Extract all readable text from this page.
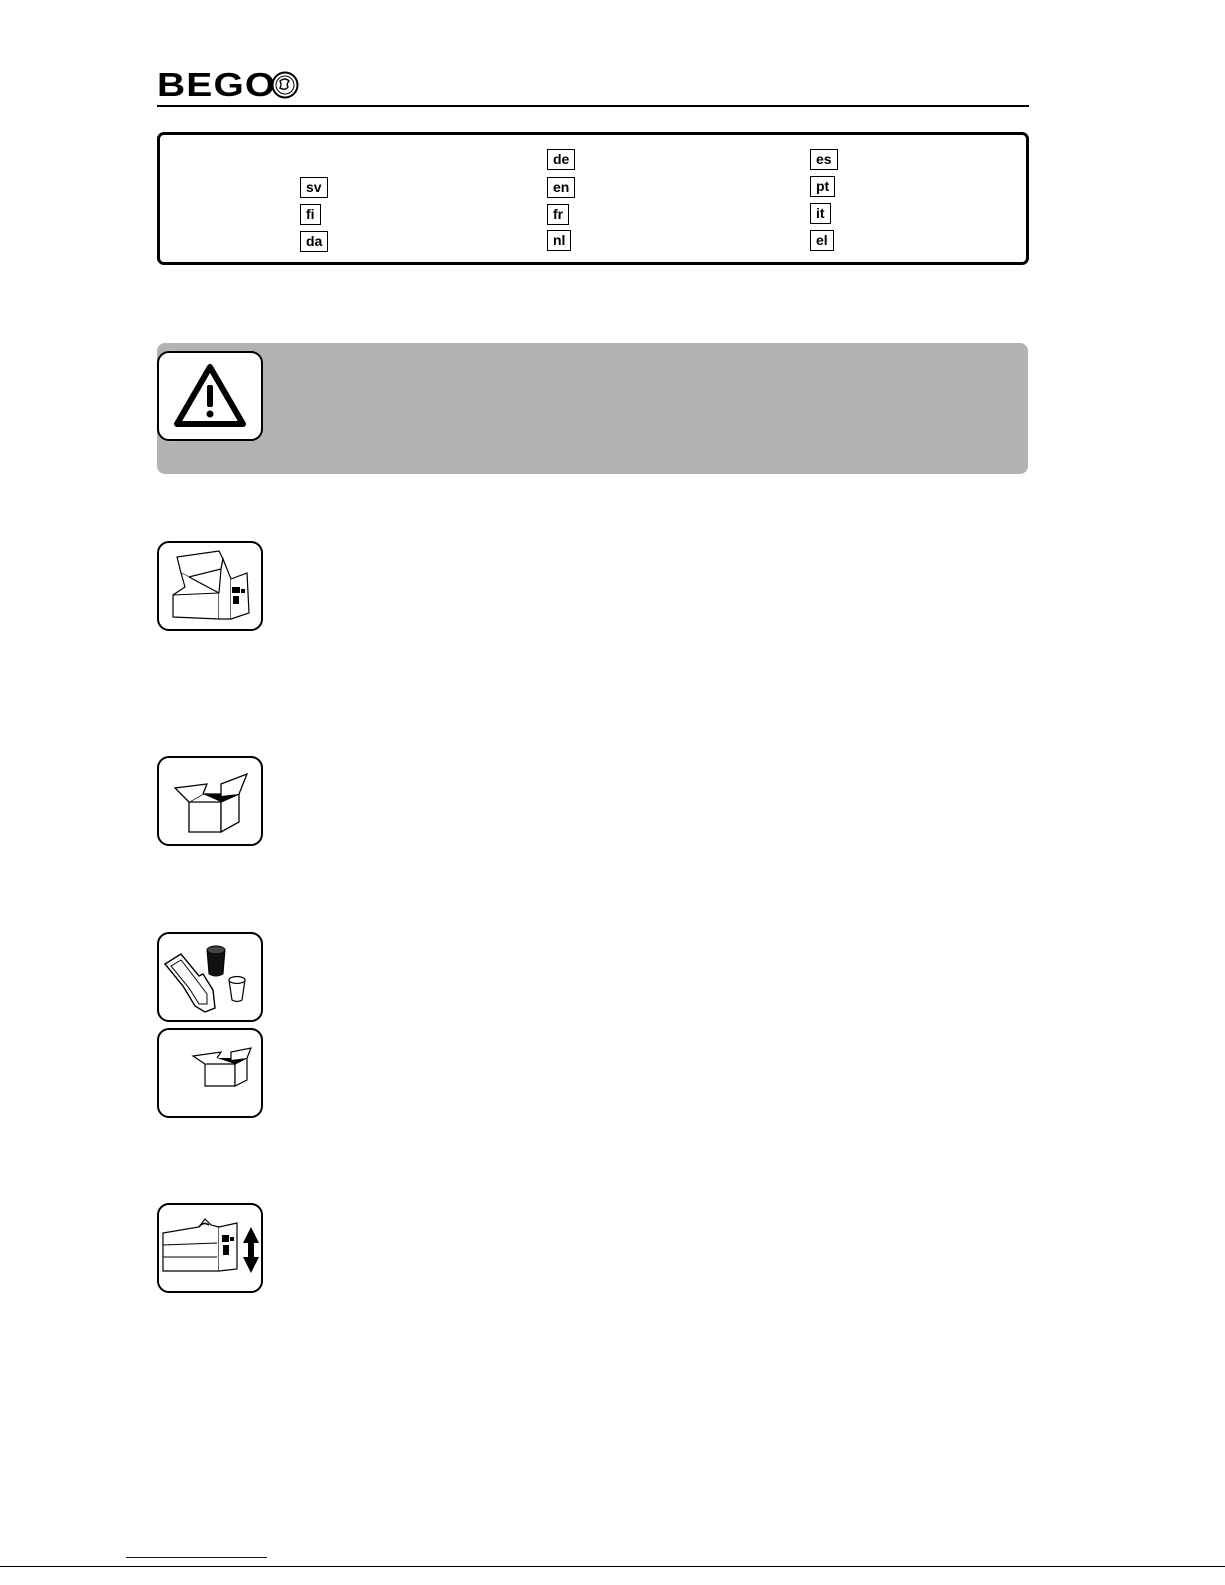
BEGO
sv
fi
da
de
en
fr
nl
es
pt
it
el
